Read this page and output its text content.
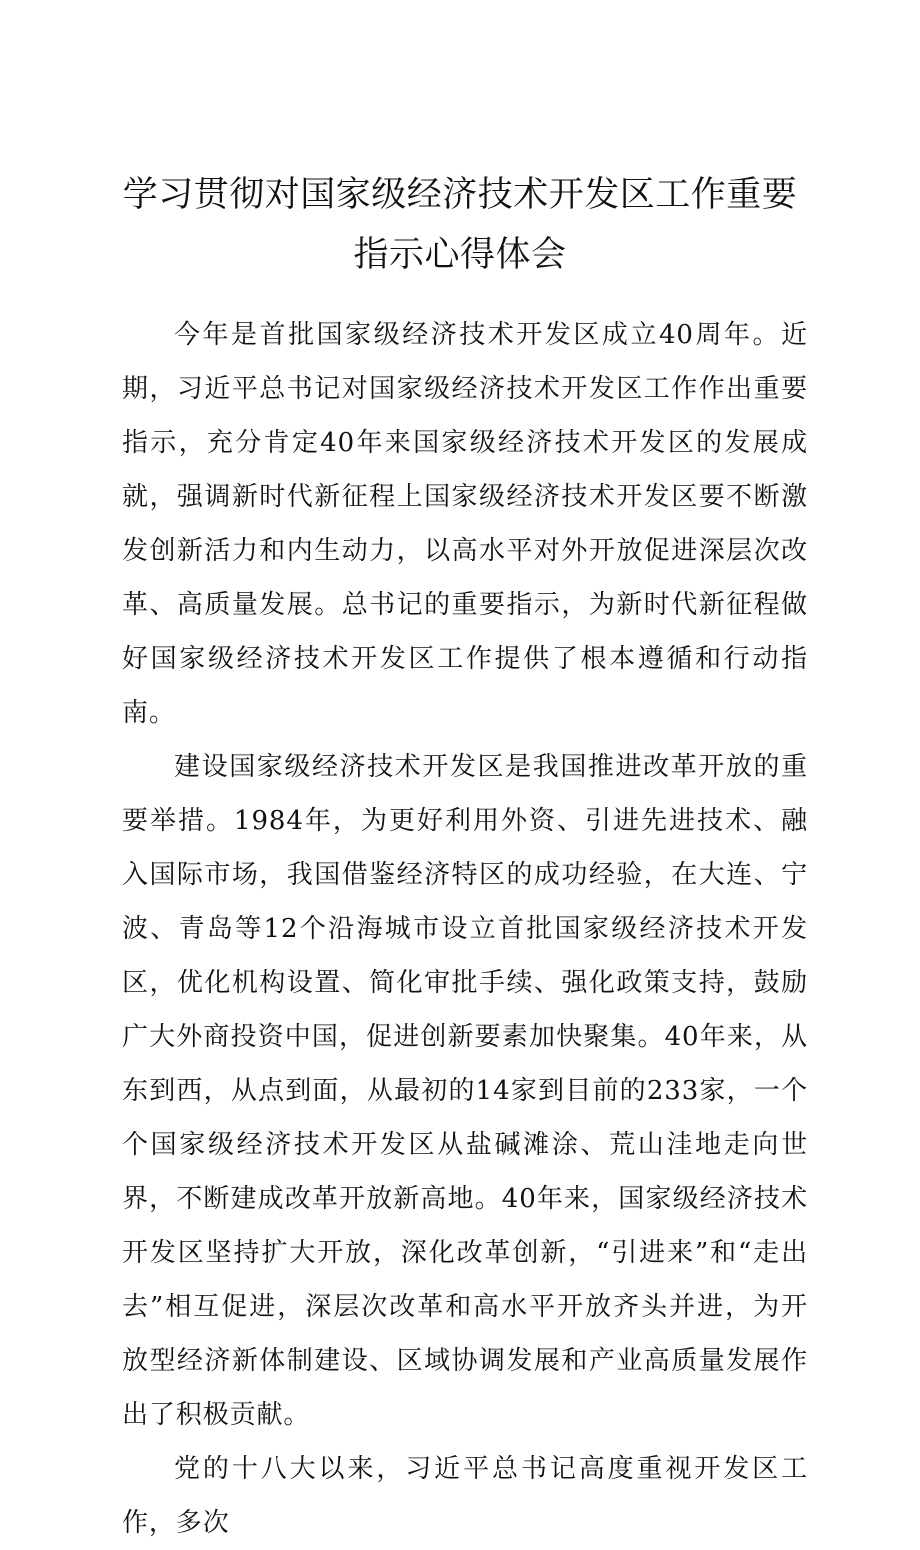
学习贯彻对国家级经济技术开发区工作重要指示心得体会

今年是首批国家级经济技术开发区成立40周年。近期，习近平总书记对国家级经济技术开发区工作作出重要指示，充分肯定40年来国家级经济技术开发区的发展成就，强调新时代新征程上国家级经济技术开发区要不断激发创新活力和内生动力，以高水平对外开放促进深层次改革、高质量发展。总书记的重要指示，为新时代新征程做好国家级经济技术开发区工作提供了根本遵循和行动指南。

建设国家级经济技术开发区是我国推进改革开放的重要举措。1984年，为更好利用外资、引进先进技术、融入国际市场，我国借鉴经济特区的成功经验，在大连、宁波、青岛等12个沿海城市设立首批国家级经济技术开发区，优化机构设置、简化审批手续、强化政策支持，鼓励广大外商投资中国，促进创新要素加快聚集。40年来，从东到西，从点到面，从最初的14家到目前的233家，一个个国家级经济技术开发区从盐碱滩涂、荒山洼地走向世界，不断建成改革开放新高地。40年来，国家级经济技术开发区坚持扩大开放，深化改革创新，“引进来”和“走出去”相互促进，深层次改革和高水平开放齐头并进，为开放型经济新体制建设、区域协调发展和产业高质量发展作出了积极贡献。

党的十八大以来，习近平总书记高度重视开发区工作，多次
